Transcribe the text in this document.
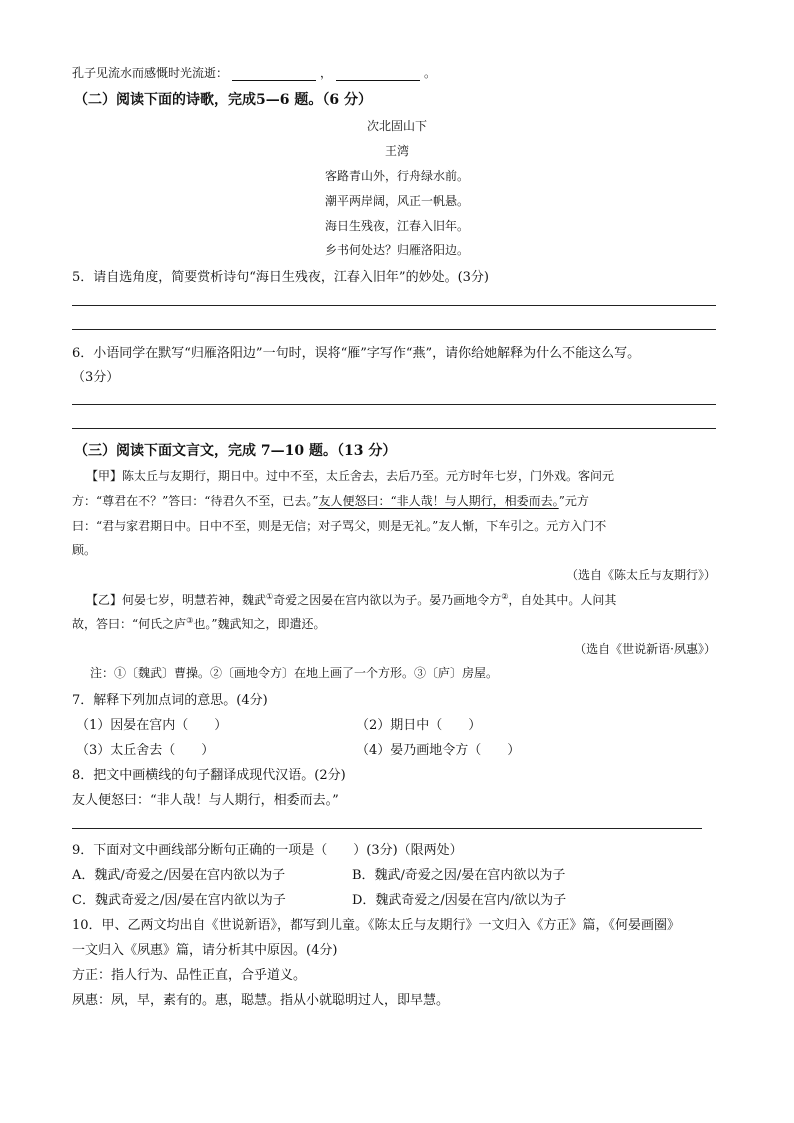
孔子见流水而感慨时光流逝：	，	。
（二）阅读下面的诗歌，完成5—6 题。（6 分）
次北固山下
王湾
客路青山外，行舟绿水前。
潮平两岸阔，风正一帆悬。
海日生残夜，江春入旧年。
乡书何处达？归雁洛阳边。
5．请自选角度，简要赏析诗句“海日生残夜，江春入旧年”的妙处。(3分)
6．小语同学在默写“归雁洛阳边”一句时，误将“雁”字写作“燕”，请你给她解释为什么不能这么写。
（3分）
（三）阅读下面文言文，完成 7—10 题。（13 分）
【甲】陈太丘与友期行，期日中。过中不至，太丘舍去，去后乃至。元方时年七岁，门外戏。客问元
方：“尊君在不？”答曰：“待君久不至，已去。”友人便怒曰：“非人哉！与人期行，相委而去。”元方
曰：“君与家君期日中。日中不至，则是无信；对子骂父，则是无礼。”友人惭，下车引之。元方入门不
顾。
（选自《陈太丘与友期行》）
【乙】何晏七岁，明慧若神，魏武①奇爱之因晏在宫内欲以为子。晏乃画地令方②，自处其中。人问其
故，答曰：“何氏之庐③也。”魏武知之，即遣还。
（选自《世说新语·夙惠》）
注：①〔魏武〕曹操。②〔画地令方〕在地上画了一个方形。③〔庐〕房屋。
7．解释下列加点词的意思。(4分)
（1）因晏在宫内（　　）	（2）期日中（　　）
（3）太丘舍去（　　）	（4）晏乃画地令方（　　）
8．把文中画横线的句子翻译成现代汉语。(2分)
友人便怒曰：“非人哉！与人期行，相委而去。”
9．下面对文中画线部分断句正确的一项是（　　）(3分)（限两处）
A．魏武/奇爱之/因晏在宫内欲以为子	B．魏武/奇爱之因/晏在宫内欲以为子
C．魏武奇爱之/因/晏在宫内欲以为子	D．魏武奇爱之/因晏在宫内/欲以为子
10．甲、乙两文均出自《世说新语》，都写到儿童。《陈太丘与友期行》一文归入《方正》篇，《何晏画圈》
一文归入《夙惠》篇，请分析其中原因。(4分)
方正：指人行为、品性正直，合乎道义。
夙惠：夙，早，素有的。惠，聪慧。指从小就聪明过人，即早慧。
